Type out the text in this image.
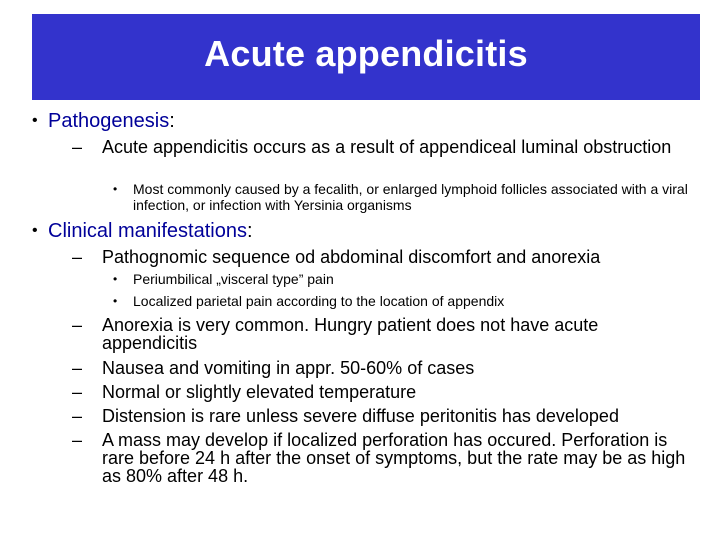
Acute appendicitis
• Pathogenesis:
– Acute appendicitis occurs as a result of appendiceal luminal obstruction
• Most commonly caused by a fecalith, or enlarged lymphoid follicles associated with a viral infection, or infection with Yersinia organisms
• Clinical manifestations:
– Pathognomic sequence od abdominal discomfort and anorexia
• Periumbilical „visceral type” pain
• Localized parietal pain according to the location of appendix
– Anorexia is very common. Hungry patient does not have acute appendicitis
– Nausea and vomiting in appr. 50-60% of cases
– Normal or slightly elevated temperature
– Distension is rare unless severe diffuse peritonitis has developed
– A mass may develop if localized perforation has occured. Perforation is rare before 24 h after the onset of symptoms, but the rate may be as high as 80% after 48 h.
